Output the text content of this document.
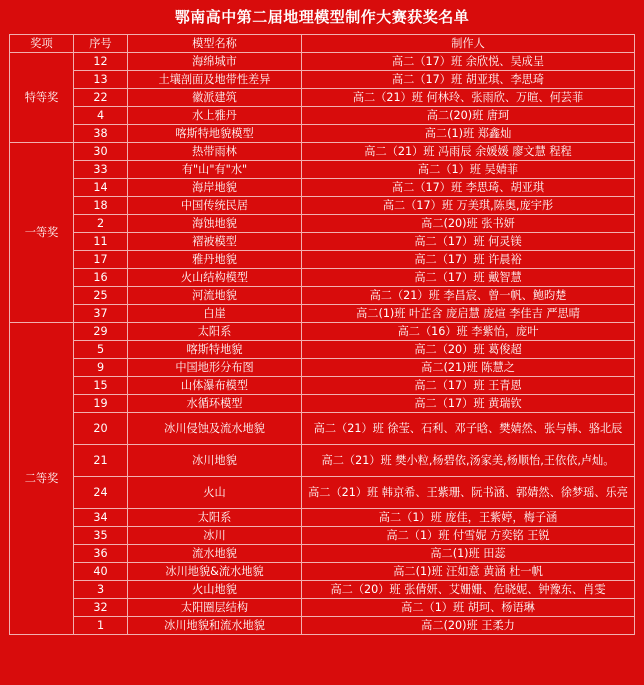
鄂南高中第二届地理模型制作大赛获奖名单
奖项	序号	模型名称	制作人
特等奖	12	海绵城市	高二（17）班 余欣悦、吴成呈
	13	土壤剖面及地带性差异	高二（17）班 胡亚琪、李思琦
	22	徽派建筑	高二（21）班 何林玲、张雨欣、万暄、何芸菲
	4	水上雅丹	高二(20)班 唐珂
	38	喀斯特地貌模型	高二(1)班 郑鑫灿
一等奖	30	热带雨林	高二（21）班 冯雨辰 余媛媛 廖文慧 程程
	33	有"山"有"水"	高二（1）班 吴婧菲
	14	海岸地貌	高二（17）班 李思琦、胡亚琪
	18	中国传统民居	高二（17）班 万美琪,陈奥,庞宇彤
	2	海蚀地貌	高二(20)班 张书妍
	11	褶被模型	高二（17）班 何灵镁
	17	雅丹地貌	高二（17）班 许晨裕
	16	火山结构模型	高二（17）班 戴智慧
	25	河流地貌	高二（21）班 李昌宸、曾一帆、鲍昀楚
	37	白崖	高二(1)班 叶芷含 庞启慧 庞煊 李佳吉 严思晴
二等奖	29	太阳系	高二（16）班 李紫怡，庞叶
	5	喀斯特地貌	高二（20）班 葛俊超
	9	中国地形分布图	高二(21)班 陈慧之
	15	山体瀑布模型	高二（17）班 王青恩
	19	水循环模型	高二（17）班 黄瑞钦
	20	冰川侵蚀及流水地貌	高二（21）班 徐莹、石利、邓子晗、樊婧然、张与韩、骆北辰
	21	冰川地貌	高二（21）班 樊小粒,杨碧依,汤家美,杨顺怡,王依依,卢灿。
	24	火山	高二（21）班 韩京希、王紫珊、阮书涵、郭婧然、徐梦瑶、乐亮
	34	太阳系	高二（1）班 庞佳，王紫婷，梅子涵
	35	冰川	高二（1）班 付雪妮 方奕铭 王锐
	36	流水地貌	高二(1)班 田蕊
	40	冰川地貌&流水地貌	高二(1)班 汪如意 黄涵 杜一帆
	3	火山地貌	高二（20）班 张倩妍、艾姗姗、危晓妮、钟豫东、肖雯
	32	太阳圈层结构	高二（1）班 胡珂、杨语琳
	1	冰川地貌和流水地貌	高二(20)班 王柔力
